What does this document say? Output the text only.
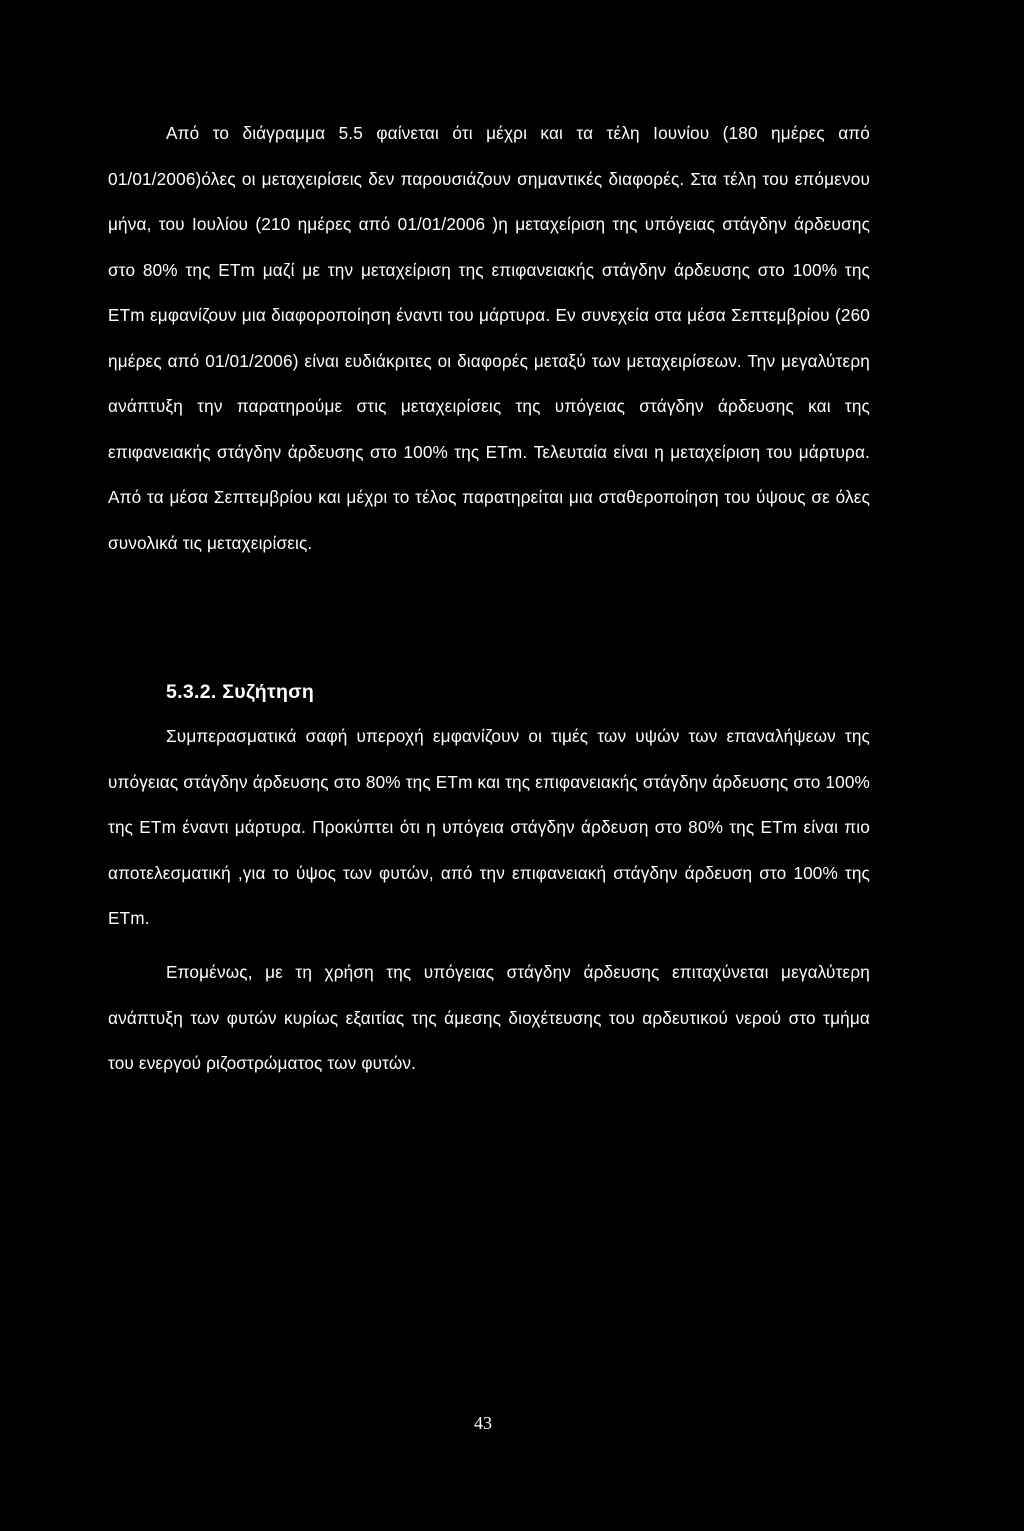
Από το διάγραμμα 5.5 φαίνεται ότι μέχρι και τα τέλη Ιουνίου (180 ημέρες από 01/01/2006)όλες οι μεταχειρίσεις δεν παρουσιάζουν σημαντικές διαφορές. Στα τέλη του επόμενου μήνα, του Ιουλίου (210 ημέρες από 01/01/2006 )η μεταχείριση της υπόγειας στάγδην άρδευσης στο 80% της ETm μαζί με την μεταχείριση της επιφανειακής στάγδην άρδευσης στο 100% της ETm εμφανίζουν μια διαφοροποίηση έναντι του μάρτυρα. Εν συνεχεία στα μέσα Σεπτεμβρίου (260 ημέρες από 01/01/2006) είναι ευδιάκριτες οι διαφορές μεταξύ των μεταχειρίσεων. Την μεγαλύτερη ανάπτυξη την παρατηρούμε στις μεταχειρίσεις της υπόγειας στάγδην άρδευσης και της επιφανειακής στάγδην άρδευσης στο 100% της ETm. Τελευταία είναι η μεταχείριση του μάρτυρα. Από τα μέσα Σεπτεμβρίου και μέχρι το τέλος παρατηρείται μια σταθεροποίηση του ύψους σε όλες συνολικά τις μεταχειρίσεις.

5.3.2. Συζήτηση

Συμπερασματικά σαφή υπεροχή εμφανίζουν οι τιμές των υψών των επαναλήψεων της υπόγειας στάγδην άρδευσης στο 80% της ETm και της επιφανειακής στάγδην άρδευσης στο 100% της ETm έναντι μάρτυρα. Προκύπτει ότι η υπόγεια στάγδην άρδευση στο 80% της ETm είναι πιο αποτελεσματική ,για το ύψος των φυτών, από την επιφανειακή στάγδην άρδευση στο 100% της ETm.

Επομένως, με τη χρήση της υπόγειας στάγδην άρδευσης επιταχύνεται μεγαλύτερη ανάπτυξη των φυτών κυρίως εξαιτίας της άμεσης διοχέτευσης του αρδευτικού νερού στο τμήμα του ενεργού ριζοστρώματος των φυτών.

43
